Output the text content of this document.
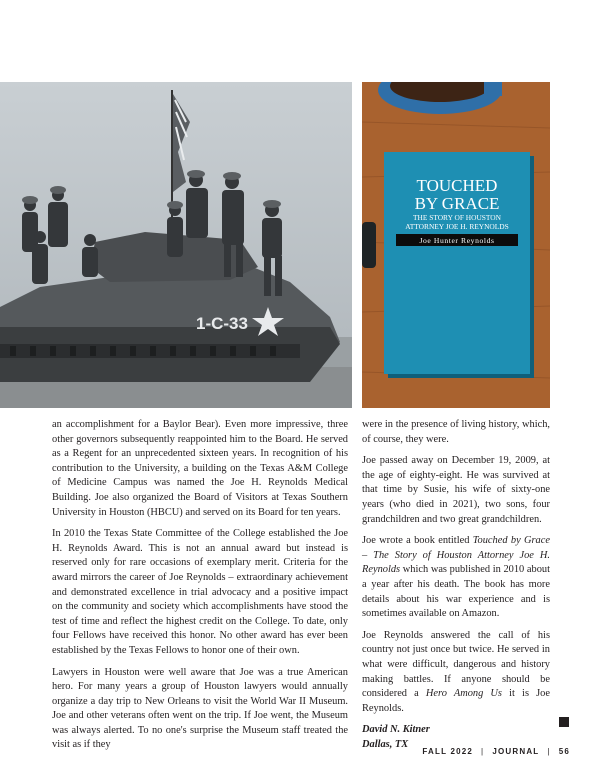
1-C-33
TOUCHED
BY GRACE
THE STORY OF HOUSTON
ATTORNEY JOE H. REYNOLDS
Joe Hunter Reynolds

an accomplishment for a Baylor Bear). Even more impressive, three other governors subsequently reappointed him to the Board. He served as a Regent for an unprecedented sixteen years. In recognition of his contribution to the University, a building on the Texas A&M College of Medicine Campus was named the Joe H. Reynolds Medical Building. Joe also organized the Board of Visitors at Texas Southern University in Houston (HBCU) and served on its Board for ten years.

In 2010 the Texas State Committee of the College established the Joe H. Reynolds Award. This is not an annual award but instead is reserved only for rare occasions of exemplary merit. Criteria for the award mirrors the career of Joe Reynolds – extraordinary achievement and demonstrated excellence in trial advocacy and a positive impact on the community and society which accomplishments have stood the test of time and reflect the highest credit on the College. To date, only four Fellows have received this honor. No other award has ever been established by the Texas Fellows to honor one of their own.

Lawyers in Houston were well aware that Joe was a true American hero. For many years a group of Houston lawyers would annually organize a day trip to New Orleans to visit the World War II Museum. Joe and other veterans often went on the trip. If Joe went, the Museum was always alerted. To no one's surprise the Museum staff treated the visit as if they

were in the presence of living history, which, of course, they were.

Joe passed away on December 19, 2009, at the age of eighty-eight. He was survived at that time by Susie, his wife of sixty-one years (who died in 2021), two sons, four grandchildren and two great grandchildren.

Joe wrote a book entitled Touched by Grace – The Story of Houston Attorney Joe H. Reynolds which was published in 2010 about a year after his death. The book has more details about his war experience and is sometimes available on Amazon.

Joe Reynolds answered the call of his country not just once but twice. He served in what were difficult, dangerous and history making battles. If anyone should be considered a Hero Among Us it is Joe Reynolds.

David N. Kitner
Dallas, TX
FALL 2022 | JOURNAL | 56
